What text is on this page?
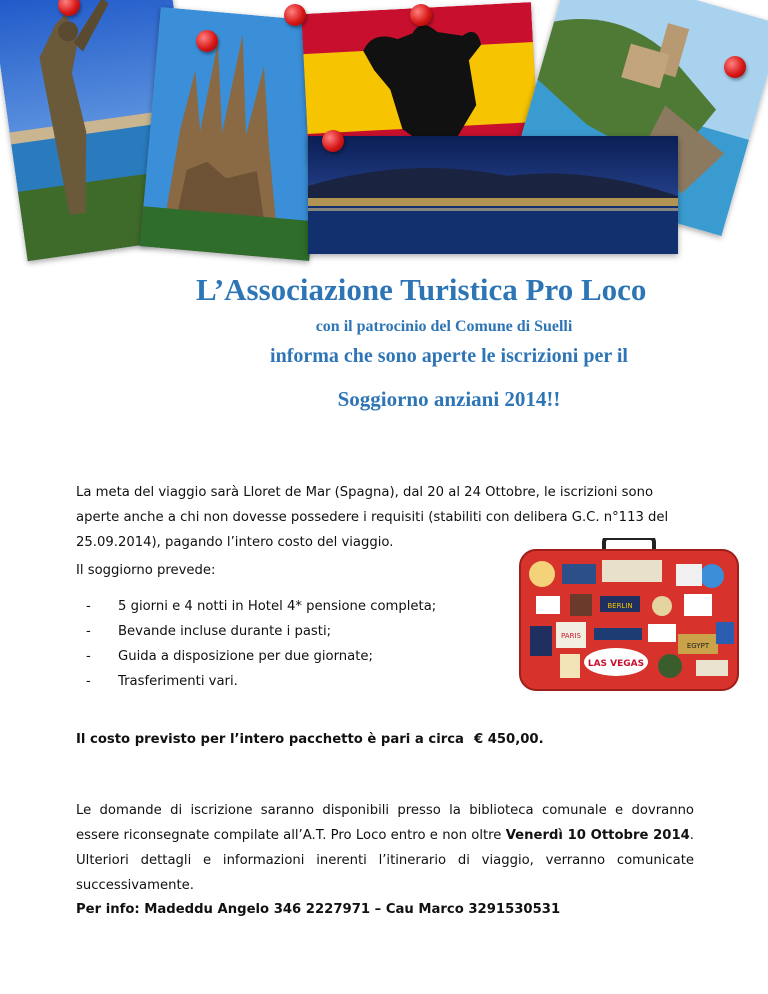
L’Associazione Turistica Pro Loco
con il patrocinio del Comune di Suelli
informa che sono aperte le iscrizioni per il
Soggiorno anziani 2014!!
La meta del viaggio sarà Lloret de Mar (Spagna), dal 20 al 24 Ottobre, le iscrizioni sono aperte anche a chi non dovesse possedere i requisiti (stabiliti con delibera G.C. n°113 del 25.09.2014), pagando l’intero costo del viaggio.
Il soggiorno prevede:
- 5 giorni e 4 notti in Hotel 4* pensione completa;
- Bevande incluse durante i pasti;
- Guida a disposizione per due giornate;
- Trasferimenti vari.
BERLIN
PARIS
EGYPT
LAS VEGAS
Il costo previsto per l’intero pacchetto è pari a circa € 450,00.
Le domande di iscrizione saranno disponibili presso la biblioteca comunale e dovranno essere riconsegnate compilate all’A.T. Pro Loco entro e non oltre Venerdì 10 Ottobre 2014. Ulteriori dettagli e informazioni inerenti l’itinerario di viaggio, verranno comunicate successivamente.
Per info: Madeddu Angelo 346 2227971 – Cau Marco 3291530531
